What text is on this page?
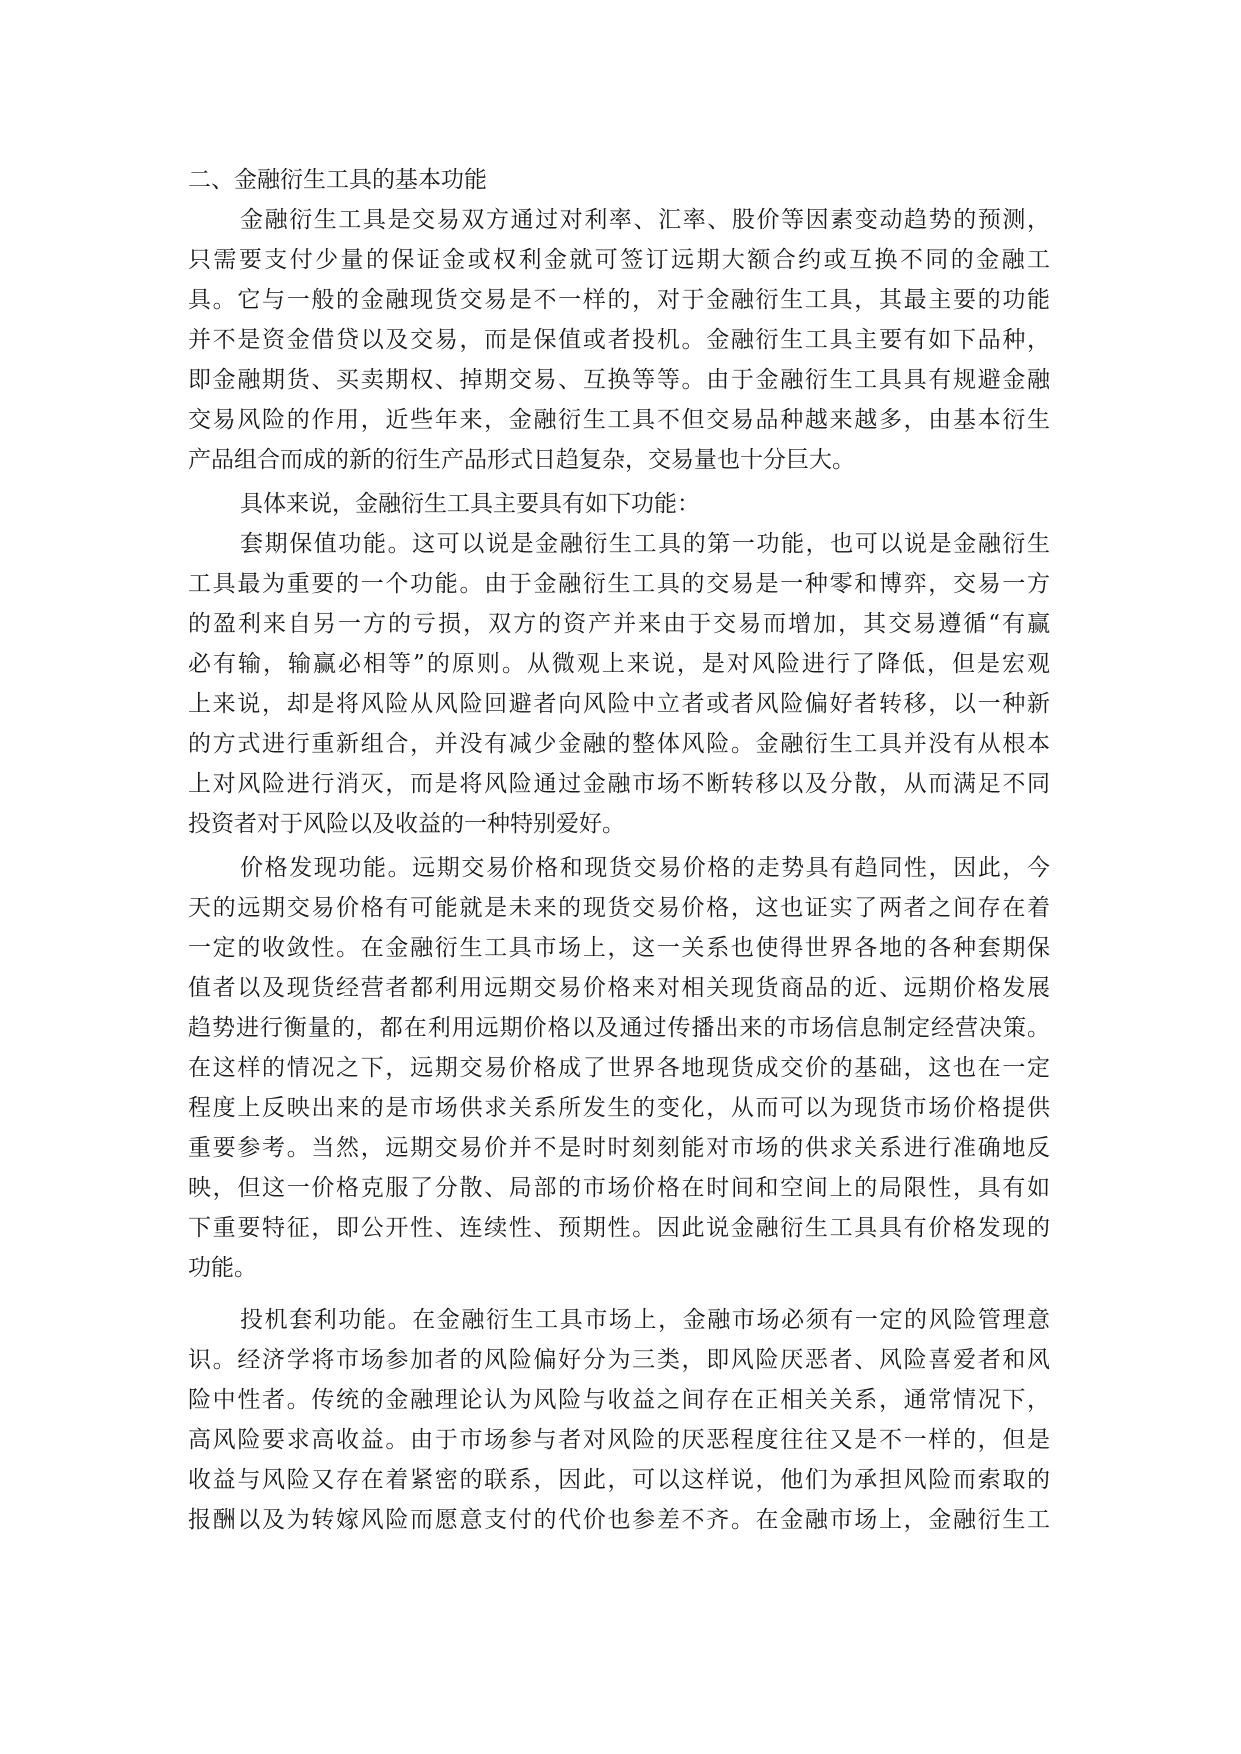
二、金融衍生工具的基本功能
金融衍生工具是交易双方通过对利率、汇率、股价等因素变动趋势的预测，
只需要支付少量的保证金或权利金就可签订远期大额合约或互换不同的金融工
具。它与一般的金融现货交易是不一样的，对于金融衍生工具，其最主要的功能
并不是资金借贷以及交易，而是保值或者投机。金融衍生工具主要有如下品种，
即金融期货、买卖期权、掉期交易、互换等等。由于金融衍生工具具有规避金融
交易风险的作用，近些年来，金融衍生工具不但交易品种越来越多，由基本衍生
产品组合而成的新的衍生产品形式日趋复杂，交易量也十分巨大。
具体来说，金融衍生工具主要具有如下功能：
套期保值功能。这可以说是金融衍生工具的第一功能，也可以说是金融衍生
工具最为重要的一个功能。由于金融衍生工具的交易是一种零和博弈，交易一方
的盈利来自另一方的亏损，双方的资产并来由于交易而增加，其交易遵循“有赢
必有输，输赢必相等”的原则。从微观上来说，是对风险进行了降低，但是宏观
上来说，却是将风险从风险回避者向风险中立者或者风险偏好者转移，以一种新
的方式进行重新组合，并没有减少金融的整体风险。金融衍生工具并没有从根本
上对风险进行消灭，而是将风险通过金融市场不断转移以及分散，从而满足不同
投资者对于风险以及收益的一种特别爱好。
价格发现功能。远期交易价格和现货交易价格的走势具有趋同性，因此，今
天的远期交易价格有可能就是未来的现货交易价格，这也证实了两者之间存在着
一定的收敛性。在金融衍生工具市场上，这一关系也使得世界各地的各种套期保
值者以及现货经营者都利用远期交易价格来对相关现货商品的近、远期价格发展
趋势进行衡量的，都在利用远期价格以及通过传播出来的市场信息制定经营决策。
在这样的情况之下，远期交易价格成了世界各地现货成交价的基础，这也在一定
程度上反映出来的是市场供求关系所发生的变化，从而可以为现货市场价格提供
重要参考。当然，远期交易价并不是时时刻刻能对市场的供求关系进行准确地反
映，但这一价格克服了分散、局部的市场价格在时间和空间上的局限性，具有如
下重要特征，即公开性、连续性、预期性。因此说金融衍生工具具有价格发现的
功能。
投机套利功能。在金融衍生工具市场上，金融市场必须有一定的风险管理意
识。经济学将市场参加者的风险偏好分为三类，即风险厌恶者、风险喜爱者和风
险中性者。传统的金融理论认为风险与收益之间存在正相关关系，通常情况下，
高风险要求高收益。由于市场参与者对风险的厌恶程度往往又是不一样的，但是
收益与风险又存在着紧密的联系，因此，可以这样说，他们为承担风险而索取的
报酬以及为转嫁风险而愿意支付的代价也参差不齐。在金融市场上，金融衍生工
